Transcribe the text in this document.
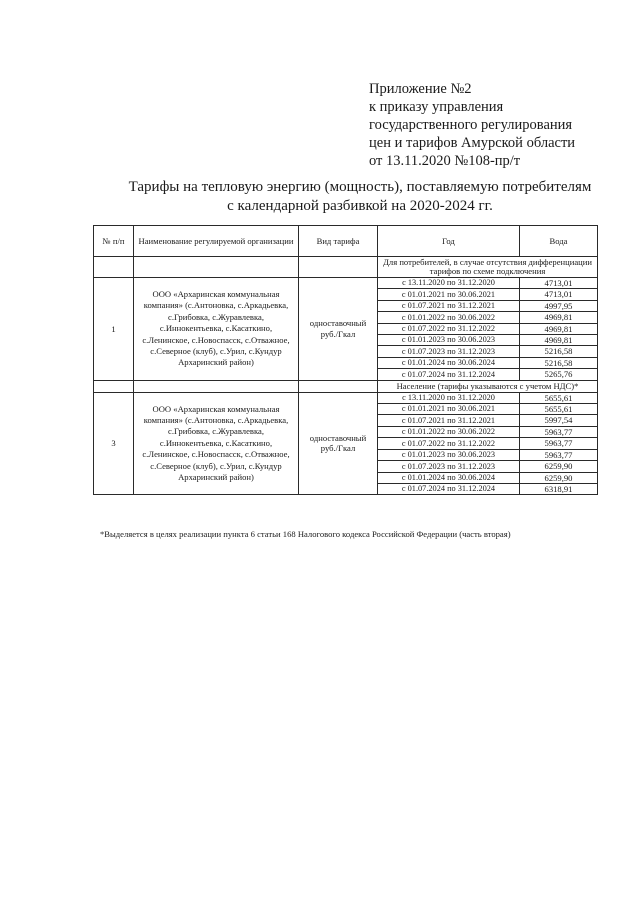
Приложение №2
к приказу управления
государственного регулирования
цен и тарифов Амурской области
от 13.11.2020 №108-пр/т
Тарифы на тепловую энергию (мощность), поставляемую потребителям
с календарной разбивкой на 2020-2024 гг.
№ п/п	Наименование регулируемой организации	Вид тарифа	Год	Вода
			Для потребителей, в случае отсутствия дифференциации тарифов по схеме подключения	
1	ООО «Архаринская коммунальная компания» (с.Антоновка, с.Аркадьевка, с.Грибовка, с.Журавлевка, с.Иннокентьевка, с.Касаткино, с.Ленинское, с.Новоспасск, с.Отважное, с.Северное (клуб), с.Урил, с.Кундур Архаринский район)	одноставочный руб./Гкал	с 13.11.2020 по 31.12.2020	4713,01
			с 01.01.2021 по 30.06.2021	4713,01
			с 01.07.2021 по 31.12.2021	4997,95
			с 01.01.2022 по 30.06.2022	4969,81
			с 01.07.2022 по 31.12.2022	4969,81
			с 01.01.2023 по 30.06.2023	4969,81
			с 01.07.2023 по 31.12.2023	5216,58
			с 01.01.2024 по 30.06.2024	5216,58
			с 01.07.2024 по 31.12.2024	5265,76
			Население (тарифы указываются с учетом НДС)*	
3	ООО «Архаринская коммунальная компания» (с.Антоновка, с.Аркадьевка, с.Грибовка, с.Журавлевка, с.Иннокентьевка, с.Касаткино, с.Ленинское, с.Новоспасск, с.Отважное, с.Северное (клуб), с.Урил, с.Кундур Архаринский район)	одноставочный руб./Гкал	с 13.11.2020 по 31.12.2020	5655,61
			с 01.01.2021 по 30.06.2021	5655,61
			с 01.07.2021 по 31.12.2021	5997,54
			с 01.01.2022 по 30.06.2022	5963,77
			с 01.07.2022 по 31.12.2022	5963,77
			с 01.01.2023 по 30.06.2023	5963,77
			с 01.07.2023 по 31.12.2023	6259,90
			с 01.01.2024 по 30.06.2024	6259,90
			с 01.07.2024 по 31.12.2024	6318,91
*Выделяется в целях реализации пункта 6 статьи 168 Налогового кодекса Российской Федерации (часть вторая)
